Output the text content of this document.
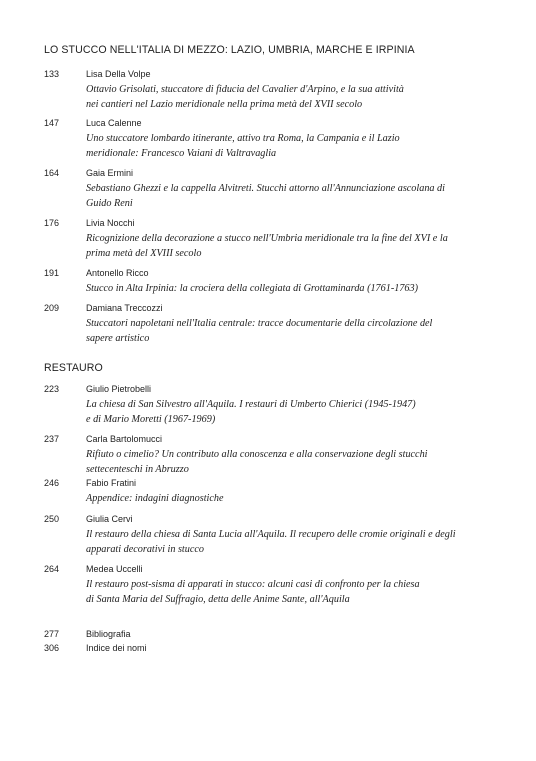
LO STUCCO NELL'ITALIA DI MEZZO: LAZIO, UMBRIA, MARCHE E IRPINIA
133	Lisa Della Volpe
Ottavio Grisolati, stuccatore di fiducia del Cavalier d'Arpino, e la sua attività
nei cantieri nel Lazio meridionale nella prima metà del XVII secolo
147	Luca Calenne
Uno stuccatore lombardo itinerante, attivo tra Roma, la Campania e il Lazio
meridionale: Francesco Vaiani di Valtravaglia
164	Gaia Ermini
Sebastiano Ghezzi e la cappella Alvitreti. Stucchi attorno all'Annunciazione ascolana di
Guido Reni
176	Livia Nocchi
Ricognizione della decorazione a stucco nell'Umbria meridionale tra la fine del XVI e la
prima metà del XVIII secolo
191	Antonello Ricco
Stucco in Alta Irpinia: la crociera della collegiata di Grottaminarda (1761-1763)
209	Damiana Treccozzi
Stuccatori napoletani nell'Italia centrale: tracce documentarie della circolazione del
sapere artistico
RESTAURO
223	Giulio Pietrobelli
La chiesa di San Silvestro all'Aquila. I restauri di Umberto Chierici (1945-1947)
e di Mario Moretti (1967-1969)
237	Carla Bartolomucci
Rifiuto o cimelio? Un contributo alla conoscenza e alla conservazione degli stucchi
settecenteschi in Abruzzo
246	Fabio Fratini
Appendice: indagini diagnostiche
250	Giulia Cervi
Il restauro della chiesa di Santa Lucia all'Aquila. Il recupero delle cromie originali e degli
apparati decorativi in stucco
264	Medea Uccelli
Il restauro post-sisma di apparati in stucco: alcuni casi di confronto per la chiesa
di Santa Maria del Suffragio, detta delle Anime Sante, all'Aquila
277	Bibliografia
306	Indice dei nomi
